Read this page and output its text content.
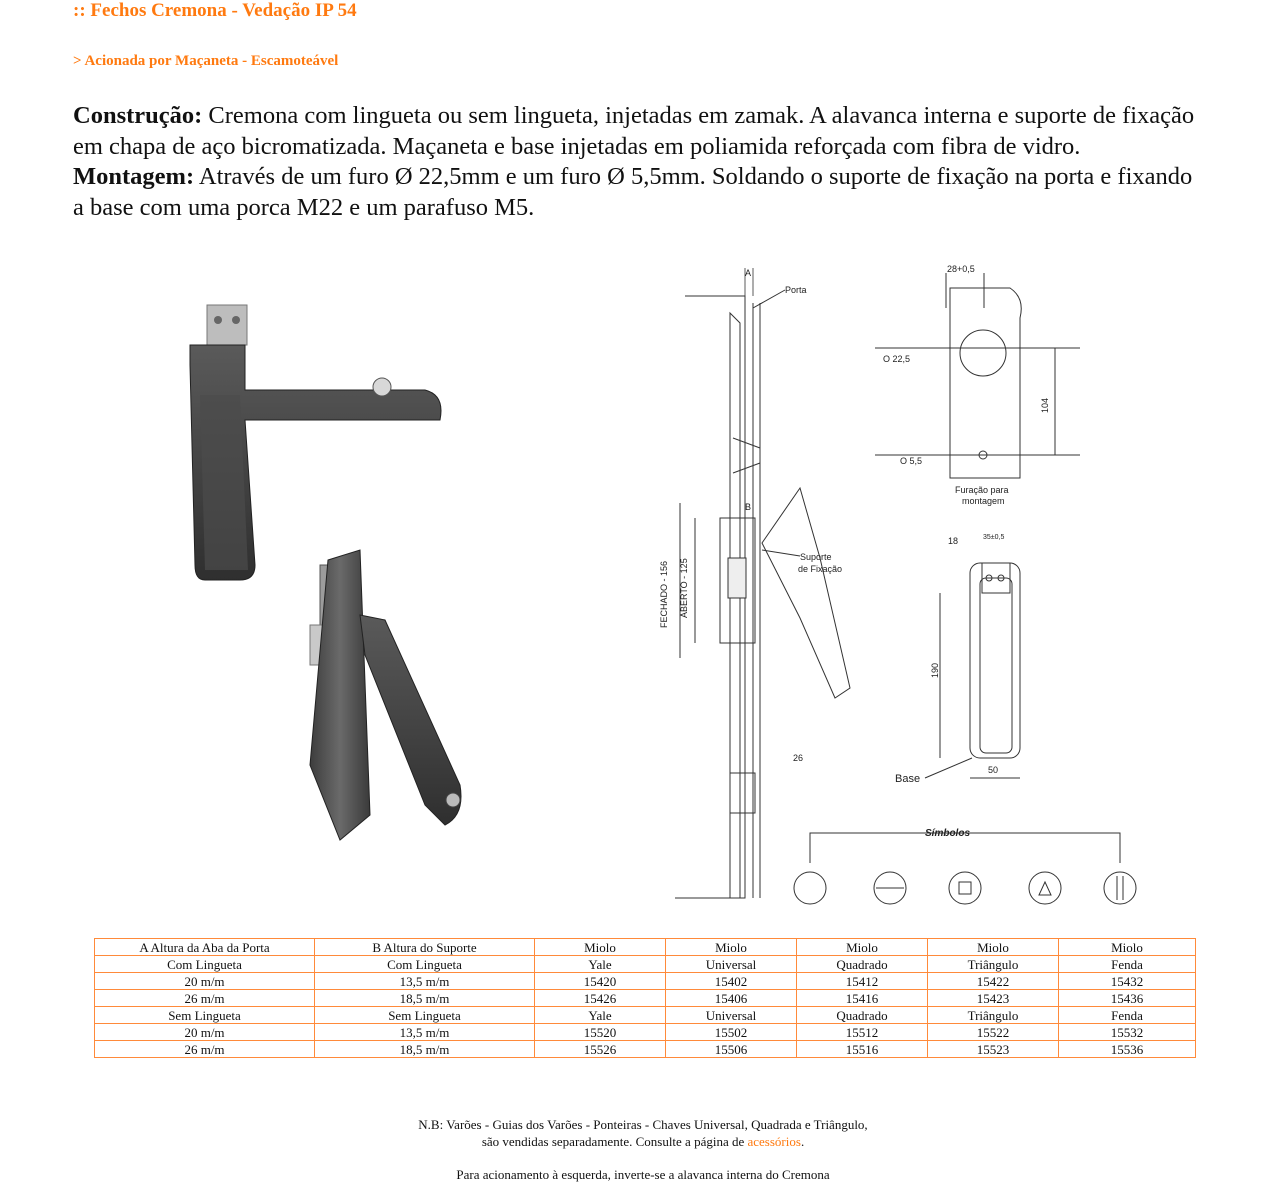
:: Fechos Cremona - Vedação IP 54
> Acionada por Maçaneta - Escamoteável

Construção: Cremona com lingueta ou sem lingueta, injetadas em zamak. A alavanca interna e suporte de fixação em chapa de aço bicromatizada. Maçaneta e base injetadas em poliamida reforçada com fibra de vidro.
Montagem: Através de um furo Ø 22,5mm e um furo Ø 5,5mm. Soldando o suporte de fixação na porta e fixando a base com uma porca M22 e um parafuso M5.

A
Porta
B
Suporte
de Fixação
FECHADO - 156 ABERTO - 125
26
28+0,5
O 22,5
O 5,5
104
Furação para
montagem
18	35±0,5
190
50
Base
Símbolos
A Altura da Aba da Porta	B Altura do Suporte	Miolo	Miolo	Miolo	Miolo	Miolo
Com Lingueta	Com Lingueta	Yale	Universal	Quadrado	Triângulo	Fenda
20 m/m	13,5 m/m	15420	15402	15412	15422	15432
26 m/m	18,5 m/m	15426	15406	15416	15423	15436
Sem Lingueta	Sem Lingueta	Yale	Universal	Quadrado	Triângulo	Fenda
20 m/m	13,5 m/m	15520	15502	15512	15522	15532
26 m/m	18,5 m/m	15526	15506	15516	15523	15536

N.B: Varões - Guias dos Varões - Ponteiras - Chaves Universal, Quadrada e Triângulo,
são vendidas separadamente. Consulte a página de acessórios.

Para acionamento à esquerda, inverte-se a alavanca interna do Cremona
